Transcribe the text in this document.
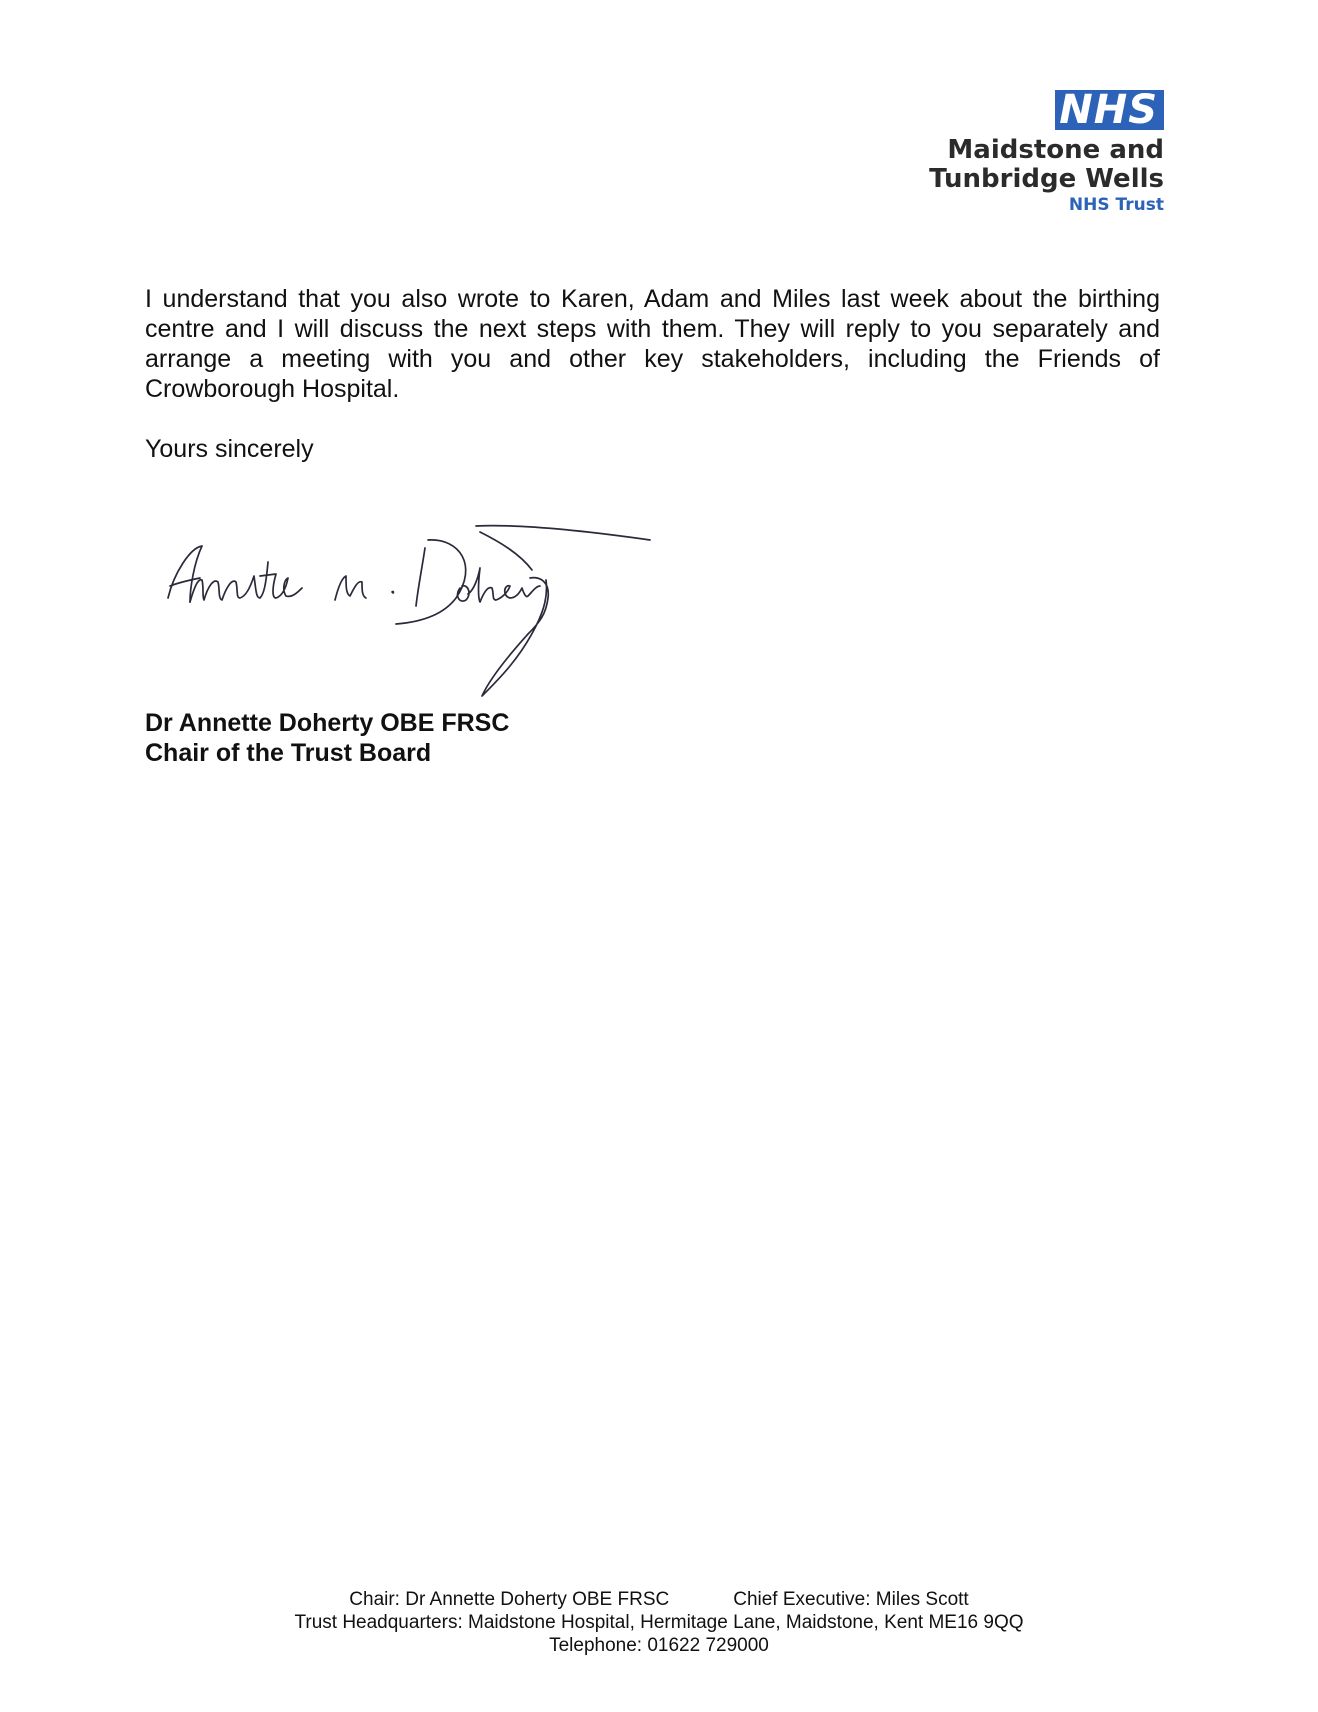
NHS
Maidstone and
Tunbridge Wells
NHS Trust
I understand that you also wrote to Karen, Adam and Miles last week about the birthing centre and I will discuss the next steps with them. They will reply to you separately and arrange a meeting with you and other key stakeholders, including the Friends of Crowborough Hospital.
Yours sincerely
Dr Annette Doherty OBE FRSC
Chair of the Trust Board
Chair: Dr Annette Doherty OBE FRSC	Chief Executive: Miles Scott
Trust Headquarters: Maidstone Hospital, Hermitage Lane, Maidstone, Kent ME16 9QQ
Telephone: 01622 729000
